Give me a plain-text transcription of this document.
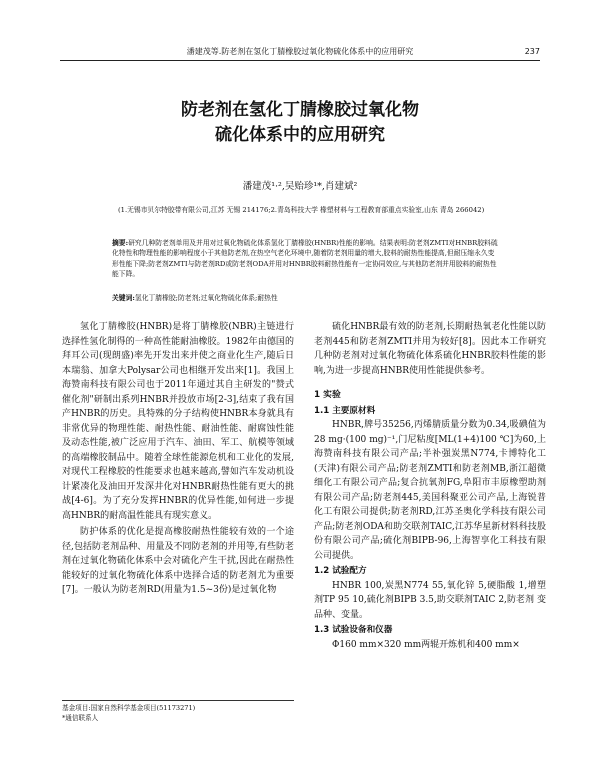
潘建茂等.防老剂在氢化丁腈橡胶过氧化物硫化体系中的应用研究	237
防老剂在氢化丁腈橡胶过氧化物
硫化体系中的应用研究
潘建茂¹·²,吴贻珍¹*,肖建斌²
(1.无锡市贝尔特胶带有限公司,江苏 无锡 214176;2.青岛科技大学 橡塑材料与工程教育部重点实验室,山东 青岛 266042)
摘要:研究几种防老剂单用及并用对过氧化物硫化体系氢化丁腈橡胶(HNBR)性能的影响。结果表明:防老剂ZMTI对HNBR胶料硫化特性和物理性能的影响程度小于其他防老剂,在热空气老化环境中,随着防老剂用量的增大,胶料的耐热性能提高,但耐压缩永久变形性能下降;防老剂ZMTI与防老剂RD或防老剂ODA并用对HNBR胶料耐热性能有一定协同效应,与其他防老剂并用胶料的耐热性能下降。
关键词:氢化丁腈橡胶;防老剂;过氧化物硫化体系;耐热性

氢化丁腈橡胶(HNBR)是将丁腈橡胶(NBR)主链进行选择性氢化制得的一种高性能耐油橡胶。1982年由德国的拜耳公司(现朗盛)率先开发出来并使之商业化生产,随后日本瑞翁、加拿大Polysar公司也相继开发出来[1]。我国上海赞南科技有限公司也于2011年通过其自主研发的"赞式催化剂"研制出系列HNBR并投放市场[2-3],结束了我有国产HNBR的历史。具特殊的分子结构使HNBR本身就具有非常优异的物理性能、耐热性能、耐油性能、耐腐蚀性能及动态性能,被广泛应用于汽车、油田、军工、航模等领域的高端橡胶制品中。随着全球性能源危机和工业化的发展,对现代工程橡胶的性能要求也越来越高,譬如汽车发动机设计紧凑化及油田开发深井化对HNBR耐热性能有更大的挑战[4-6]。为了充分发挥HNBR的优异性能,如何进一步提高HNBR的耐高温性能具有现实意义。

防护体系的优化是提高橡胶耐热性能较有效的一个途径,包括防老剂品种、用量及不同防老剂的并用等,有些防老剂在过氧化物硫化体系中会对硫化产生干扰,因此在耐热性能较好的过氧化物硫化体系中选择合适的防老剂尤为重要[7]。一般认为防老剂RD(用量为1.5~3份)是过氧化物

硫化HNBR最有效的防老剂,长期耐热氧老化性能以防老剂445和防老剂ZMTI并用为较好[8]。因此本工作研究几种防老剂对过氧化物硫化体系硫化HNBR胶料性能的影响,为进一步提高HNBR使用性能提供参考。

1 实验
1.1 主要原材料

HNBR,牌号35256,丙烯腈质量分数为0.34,吸碘值为28 mg·(100 mg)⁻¹,门尼粘度[ML(1+4)100 ℃]为60,上海赞南科技有限公司产品;半补强炭黑N774,卡博特化工(天津)有限公司产品;防老剂ZMTI和防老剂MB,浙江超微细化工有限公司产品;复合抗氧剂FG,阜阳市丰原橡塑助剂有限公司产品;防老剂445,美国科聚亚公司产品,上海锐普化工有限公司提供;防老剂RD,江苏圣奥化学科技有限公司产品;防老剂ODA和助交联剂TAIC,江苏华星新材料科技股份有限公司产品;硫化剂BIPB-96,上海智享化工科技有限公司提供。

1.2 试验配方

HNBR 100,炭黑N774 55,氧化锌 5,硬脂酸 1,增塑剂TP 95 10,硫化剂BIPB 3.5,助交联剂TAIC 2,防老剂 变品种、变量。

1.3 试验设备和仪器

Φ160 mm×320 mm两辊开炼机和400 mm×

基金项目:国家自然科学基金项目(51173271)
*通信联系人
